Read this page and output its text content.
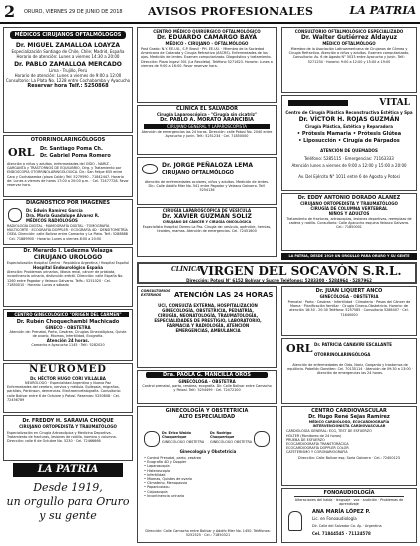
2 ORURO, VIERNES 29 DE JUNIO DE 2018 AVISOS PROFESIONALES	LA PATRIA
MÉDICOS CIRUJANOS OFTALMÓLOGOS
Dr. MIGUEL ZAMALLOA LOAYZA
Especialización Santiago de Chile, Chile; Madrid, España
Horario de atención: Lunes a viernes 14:30 a 20:00
Dr. PABLO ZAMALLOA MERCADO
Lima - Trujillo, Perú
Horario de atención: Lunes a viernes de 9:00 a 12:00
Consultorio: La Plata No. 1228 entre Cochabamba y Ayacucho
Reservar hora Telf.: 5250868
OTORRINOLARINGÓLOGOS
ORL Dr. Santiago Poma Ch.
Dr. Gabriel Poma Romero
Atención a niños y adultos, enfermedades del OÍDO - NARIZ - GARGANTA y TRASTORNOS DE EQUILIBRIO, Oírg. y Tratamiento por ENDOSCOPIA OTORRINOLARINGOLÓGICA. Dir.: San Felipe 655 entre Caro y Cochabamba (plaza Colón) Telf. 5279590 - 71842447. Horario de: Lunes a viernes de horas 17:00 a 20:00 p.m. · Cel. 72477728. Favor reservar hora.
DIAGNÓSTICO POR IMÁGENES
Dr. Edwin Ramírez García
Dra. María Guadalupe Alvarez R.
MÉDICOS RADIÓLOGOS
RADIOLOGÍA DIGITAL · MAMOGRAFÍA DIGITAL · TOMOGRAFÍA MULTICORTE · ECOGRAFÍA DOPPLER · ECOGRAFÍA 4D · DENSITOMETRÍA ÓSEA. Dirección: calle Bolívar entre Camacho y La Plata. Telf.: 5288888 · Cel. 71889900 · Horario: Lunes a viernes 8:00 a 20:00
Dr. Merardo I. Ledezma Velazga
CIRUJANO UROLOGO
Especialización Hospital Centra · República Argentina / Hospital Español
Hospital Endourológico España
Atención: Problemas urinarios, litiasis renal, cáncer de próstata, incontinencia urinaria, disfunción eréctil. Dirección: calle España No. 1260 entre Pagador y Velasco Galvarro. Telfs.: 5251020 · Cel. 71850010 · Horario: Lunes a sábado
CENTRO GINECOLÓGICO "ORIGEN DEL CARMEN"
Dr. Rubén Choquechambi Machicado
GINECO - OBSTETRA
Atención de: Prenatal, Parto, Cesárea, Cirugías Ginecológicas, Quiste de ovario, Miomas, Infertilidad, Ecografía.
Atención 24 horas.
Camacho e Ayacucho 1145 · Telf.: 5282020
NEUROMED
Dr. HÉCTOR HUGO CORI VILLALBA
NEURÓLOGO · Especialidad Argentina y Nueva Paz
Enfermedades del cerebro, nervios y médula. Epilepsia, migrañas, parálisis, Parkinson, demencias. Electroencefalografía. Consultorio: calle Bolívar entre 6 de Octubre y Potosí. Reservas: 5250808 · Cel. 72456789
Dr. FREDDY H. SARAVIA CHOQUE
CIRUJANO ORTOPEDISTA Y TRAUMATÓLOGO
Especialización en Cirugía Artroscópica y Medicina Deportiva. Tratamiento de fracturas, lesiones de rodilla, hombro y columna. Dirección: calle 6 de Octubre No. 5230 · Cel. 72466666
LA PATRIA
Desde 1919,
un orgullo para Oruro
y su gente
CENTRO MÉDICO QUIRÚRGICO OFTALMOLÓGICO
Dr. EDUARDO CAMARGO BAYÁ
MÉDICO - CIRUJANO - OFTALMÓLOGO
Post Grado: N.Y. EE.UU., S.P. Brasil · PH. EE.UU. · Miembro de la Sociedad Americana de Catarata y Cirugía Refractiva (ASCRS). Enfermedades de los ojos. Medición de lentes. Examen computarizado. Diagnóstico y tratamiento. Dirección: Plaza Ingavi 301 (La Recoleta). Teléfono 5271623. Horario: Lunes a viernes de 9:00 a 16:00. Favor reservar hora.
CLÍNICA EL SALVADOR
Cirugía Laparoscópica · "Cirugía sin cicatriz"
Dr. PABLO A. MORATO ARANCIBIA
CIRUJANO GENERAL Y LAPAROSCOPISTA
Atención de emergencias las 24 horas. Dirección: calle Potosí No. 2040 entre Ayacucho y Junín. Telf.: 5251234 · Cel. 71850000
Dr. JORGE PEÑALOZA LEMA
CIRUJANO OFTALMÓLOGO
Atención de enfermedades oculares, niños y adultos. Medición de lentes. Dir.: Calle Adolfo Mier No. 541 entre Pagador y Velasco Galvarro. Telf. 5254136
CIRUGÍA LAPAROSCÓPICA DE VESÍCULA
Dr. XAVIER GUZMÁN SOLIZ
CIRUJANO DE CÁNCER Y CIRUGÍA ONCOLÓGICA
Especialista Hospital Obrero La Paz. Cirugía de: vesícula, apéndice, hernias, tiroides, mamas. Atención de emergencias. Cel. 72451600
CONSULTORIO OFTALMOLÓGICO ESPECIALIZADO
Dr. Walter Gutiérrez Aldayuz
MÉDICO OFTALMÓLOGO
Miembro de la Asociación Latinoamericana de Cirujanos de Córnea y Cirugía Refractiva. Atención a niños y adultos. Examen computarizado. Consultorio: Av. 6 de Agosto N° 5033 entre Ayacucho y Junín. Telf.: 5271234 · Horario: 9:00 a 12:00 y 15:00 a 19:00
VITAL
Centro de Cirugía Plástica Reconstructiva Estética y Spa
Dr. VÍCTOR H. ROJAS GUZMÁN
Cirugía Plástica, Estética y Reparadora
• Prótesis Mamaria • Prótesis Glútea
• Liposucción • Cirugía de Párpados
ATENCIÓN DE QUEMADOS
Teléfono: 5285115 · Emergencias: 71163333
Atención lunes a viernes de 9:00 a 12:00 y 15:00 a 20:00
Av. Del Ejército N° 1011 entre 6 de Agosto y Potosí
Dr. EDDY ANTONIO DORADO ALANEZ
CIRUJANO ORTOPEDISTA Y TRAUMATÓLOGO
CIRUGÍA DE COLUMNA VERTEBRAL
NIÑOS Y ADULTOS
Tratamiento de fracturas, artroscopias, lesiones deportivas, reemplazo de cadera y rodilla. Consultorio: Calle Ayacucho esquina Velasco Galvarro. Cel.: 71850001
LA PATRIA, DESDE 1919 UN ORGULLO PARA ORURO Y SU GENTE
CLÍNICA
VIRGEN DEL SOCAVÓN S.R.L.
Dirección: Potosí N° 6152 Bolívar y Sucre Teléfonos: 5283300 · 5284964 · 5287962
CONSULTORIOS EXTERNOS	ATENCIÓN LAS 24 HORAS
UCI, CONSULTA EXTERNA, HOSPITALIZACIÓN
GINECOLOGÍA, OBSTETRICIA, PEDIATRÍA,
CIRUGÍA, NEONATOLOGÍA, TRAUMATOLOGÍA,
ESPECIALIDADES DE PRESTIGIO, LABORATORIO,
FARMACIA Y RADIOLOGÍA, ATENCIÓN
EMERGENCIAS, AMBULANCIA
Dra. PAOLA G. MANCILLA OROS
GINECÓLOGA · OBSTETRA
Control prenatal, parto, cesárea, ecografía. Dir. Calle Bolívar entre Camacho y Potosí. Telf.: 5254499 · Cel. 72472100
Dr. JUAN LIQUERT ANCO
GINECÓLOGA · OBSTETRIA
Prenatal · Parto · Cesárea · Infertilidad · Climaterio · Pesas del Cáncer de Mama · Planificación familiar · Cirugía Gineco-Obstetricia. Horario: de atención 16:30 - 20:30 Teléfono: 5257585 · Consultorio 5286407 · Cel. 71640000
ORL Dr. PATRICIA CANAVIRI ESCALANTE
OTORRINOLARINGÓLOGA
Atención de enfermedades de Oído, Nariz, Garganta y trastornos de equilibrio. Pabellón Dorotten: Cel. 70135114 · Atención de 09:30 a 13:00 · Atención de emergencias las 24 horas.
GINECOLOGÍA Y OBSTETRICIA ALTO ESPECIALIDAD
Dr. Erico Waldo Choquerique
GINECÓLOGO OBSTETRA
Dr. Rodrigo Choquerique
GINECÓLOGO OBSTETRA
Ginecología y Obstetricia
• Control Prenatal, parto, cesárea
• Ecografía 4D y Doppler
• Laparoscopía
• Histeroscopía
• Infertilidad
• Miomas, Quistes de ovario
• Climaterio, Menopausia
• Papanicolaou
• Colposcopía
• Incontinencia urinaria
Dirección: Calle Camacho entre Bolívar y Adolfo Mier No. 1450. Teléfonos: 5252525 · Cel.: 71850321
CENTRO CARDIOVASCULAR
Dr. Hugo René Sejas Ramírez
MÉDICO CARDIÓLOGO, ECOCARDIOGRAFÍA
INTERVENCIONISTA CARDIOVASCULAR
CARDIOLOGÍA GENERAL: ECG, TEST DE ESFUERZO
HOLTER (Monitoreo de 24 horas)
PRUEBA DE ESFUERZO
ECOCARDIOGRAFÍA TRANSTORÁCICA
ECOCARDIOGRAFÍA DOPPLER COLOR
CATETERISMO Y CORONARIOGRAFÍA
Dirección: Calle Bolívar esq. Soria Galvarro · Cel.: 72400123
FONOAUDIOLOGÍA
Alteraciones del habla · lenguaje · voz · audición · Problemas de aprendizaje
ANA MARÍA LÓPEZ P.
Lic. en Fonoaudiología
Dir. Calle del Salvador Ca. Ay. · Argentina
Cel. 71844545 · 71124578
